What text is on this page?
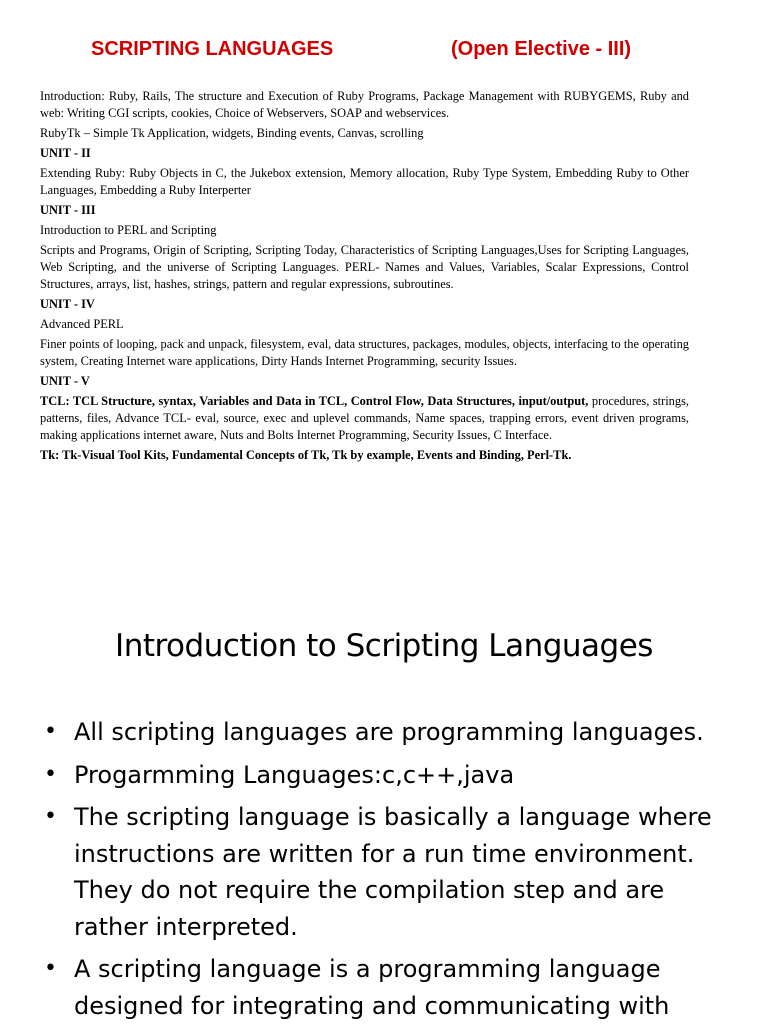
SCRIPTING LANGUAGES	(Open Elective - III)

Introduction: Ruby, Rails, The structure and Execution of Ruby Programs, Package Management with RUBYGEMS, Ruby and web: Writing CGI scripts, cookies, Choice of Webservers, SOAP and webservices.

RubyTk – Simple Tk Application, widgets, Binding events, Canvas, scrolling

UNIT - II

Extending Ruby: Ruby Objects in C, the Jukebox extension, Memory allocation, Ruby Type System, Embedding Ruby to Other Languages, Embedding a Ruby Interperter

UNIT - III

Introduction to PERL and Scripting

Scripts and Programs, Origin of Scripting, Scripting Today, Characteristics of Scripting Languages,Uses for Scripting Languages, Web Scripting, and the universe of Scripting Languages. PERL- Names and Values, Variables, Scalar Expressions, Control Structures, arrays, list, hashes, strings, pattern and regular expressions, subroutines.

UNIT - IV

Advanced PERL

Finer points of looping, pack and unpack, filesystem, eval, data structures, packages, modules, objects, interfacing to the operating system, Creating Internet ware applications, Dirty Hands Internet Programming, security Issues.

UNIT - V

TCL: TCL Structure, syntax, Variables and Data in TCL, Control Flow, Data Structures, input/output, procedures, strings, patterns, files, Advance TCL- eval, source, exec and uplevel commands, Name spaces, trapping errors, event driven programs, making applications internet aware, Nuts and Bolts Internet Programming, Security Issues, C Interface.

Tk: Tk-Visual Tool Kits, Fundamental Concepts of Tk, Tk by example, Events and Binding, Perl-Tk.

Introduction to Scripting Languages
• All scripting languages are programming languages.
• Progarmming Languages:c,c++,java
• The scripting language is basically a language where instructions are written for a run time environment. They do not require the compilation step and are rather interpreted.
• A scripting language is a programming language designed for integrating and communicating with
